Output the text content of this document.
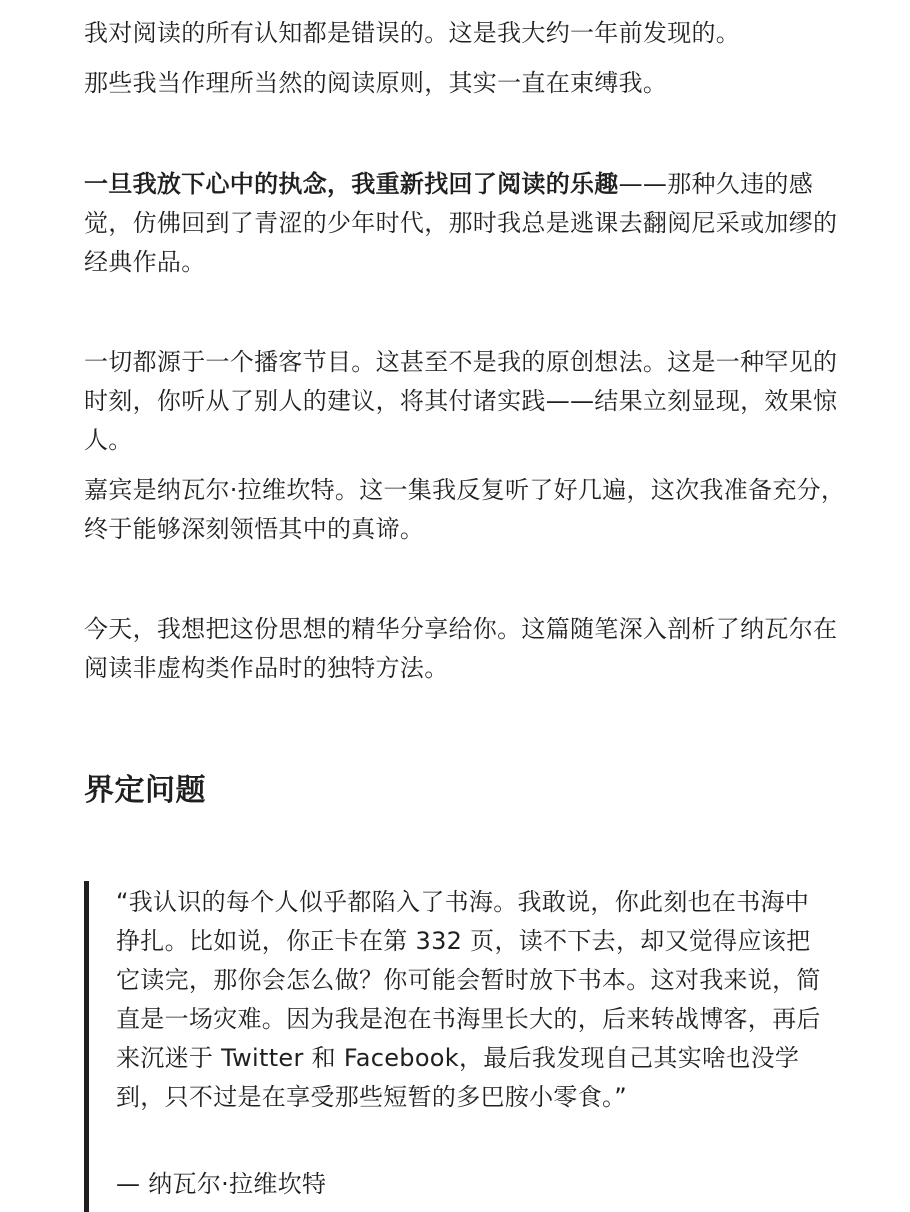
我对阅读的所有认知都是错误的。这是我大约一年前发现的。

那些我当作理所当然的阅读原则，其实一直在束缚我。

一旦我放下心中的执念，我重新找回了阅读的乐趣——那种久违的感觉，仿佛回到了青涩的少年时代，那时我总是逃课去翻阅尼采或加缪的经典作品。

一切都源于一个播客节目。这甚至不是我的原创想法。这是一种罕见的时刻，你听从了别人的建议，将其付诸实践——结果立刻显现，效果惊人。

嘉宾是纳瓦尔·拉维坎特。这一集我反复听了好几遍，这次我准备充分，终于能够深刻领悟其中的真谛。

今天，我想把这份思想的精华分享给你。这篇随笔深入剖析了纳瓦尔在阅读非虚构类作品时的独特方法。

界定问题

“我认识的每个人似乎都陷入了书海。我敢说，你此刻也在书海中挣扎。比如说，你正卡在第 332 页，读不下去，却又觉得应该把它读完，那你会怎么做？你可能会暂时放下书本。这对我来说，简直是一场灾难。因为我是泡在书海里长大的，后来转战博客，再后来沉迷于 Twitter 和 Facebook，最后我发现自己其实啥也没学到，只不过是在享受那些短暂的多巴胺小零食。”

— 纳瓦尔·拉维坎特
